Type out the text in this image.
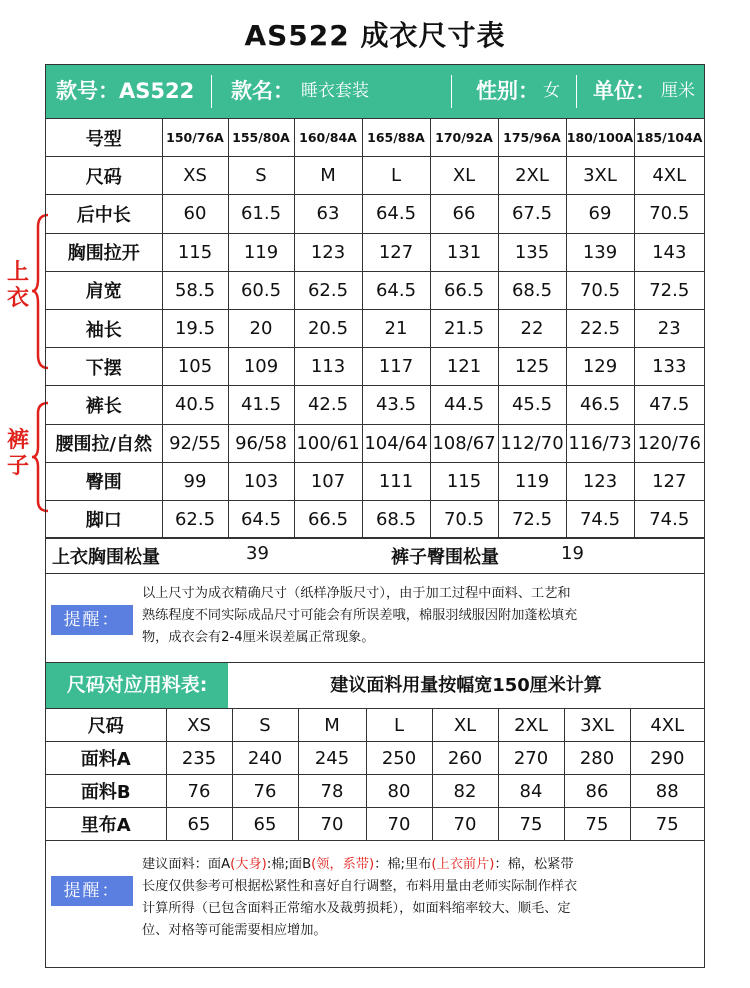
AS522 成衣尺寸表
上衣
裤子
款号：AS522 款名： 睡衣套装	性别： 女 单位： 厘米
号型	150/76A	155/80A	160/84A	165/88A	170/92A	175/96A	180/100A	185/104A
尺码	XS	S	M	L	XL	2XL	3XL	4XL
后中长	60	61.5	63	64.5	66	67.5	69	70.5
胸围拉开	115	119	123	127	131	135	139	143
肩宽	58.5	60.5	62.5	64.5	66.5	68.5	70.5	72.5
袖长	19.5	20	20.5	21	21.5	22	22.5	23
下摆	105	109	113	117	121	125	129	133
裤长	40.5	41.5	42.5	43.5	44.5	45.5	46.5	47.5
腰围拉/自然	92/55	96/58	100/61	104/64	108/67	112/70	116/73	120/76
臀围	99	103	107	111	115	119	123	127
脚口	62.5	64.5	66.5	68.5	70.5	72.5	74.5	74.5
上衣胸围松量	39	裤子臀围松量	19
提醒：
以上尺寸为成衣精确尺寸（纸样净版尺寸），由于加工过程中面料、工艺和
熟练程度不同实际成品尺寸可能会有所误差哦，棉服羽绒服因附加蓬松填充
物，成衣会有2-4厘米误差属正常现象。
尺码对应用料表:	建议面料用量按幅宽150厘米计算
尺码	XS	S	M	L	XL	2XL	3XL	4XL
面料A	235	240	245	250	260	270	280	290
面料B	76	76	78	80	82	84	86	88
里布A	65	65	70	70	70	75	75	75
提醒：
建议面料：面A(大身):棉;面B(领，系带)：棉;里布(上衣前片)：棉，松紧带
长度仅供参考可根据松紧性和喜好自行调整，布料用量由老师实际制作样衣
计算所得（已包含面料正常缩水及裁剪损耗），如面料缩率较大、顺毛、定
位、对格等可能需要相应增加。
